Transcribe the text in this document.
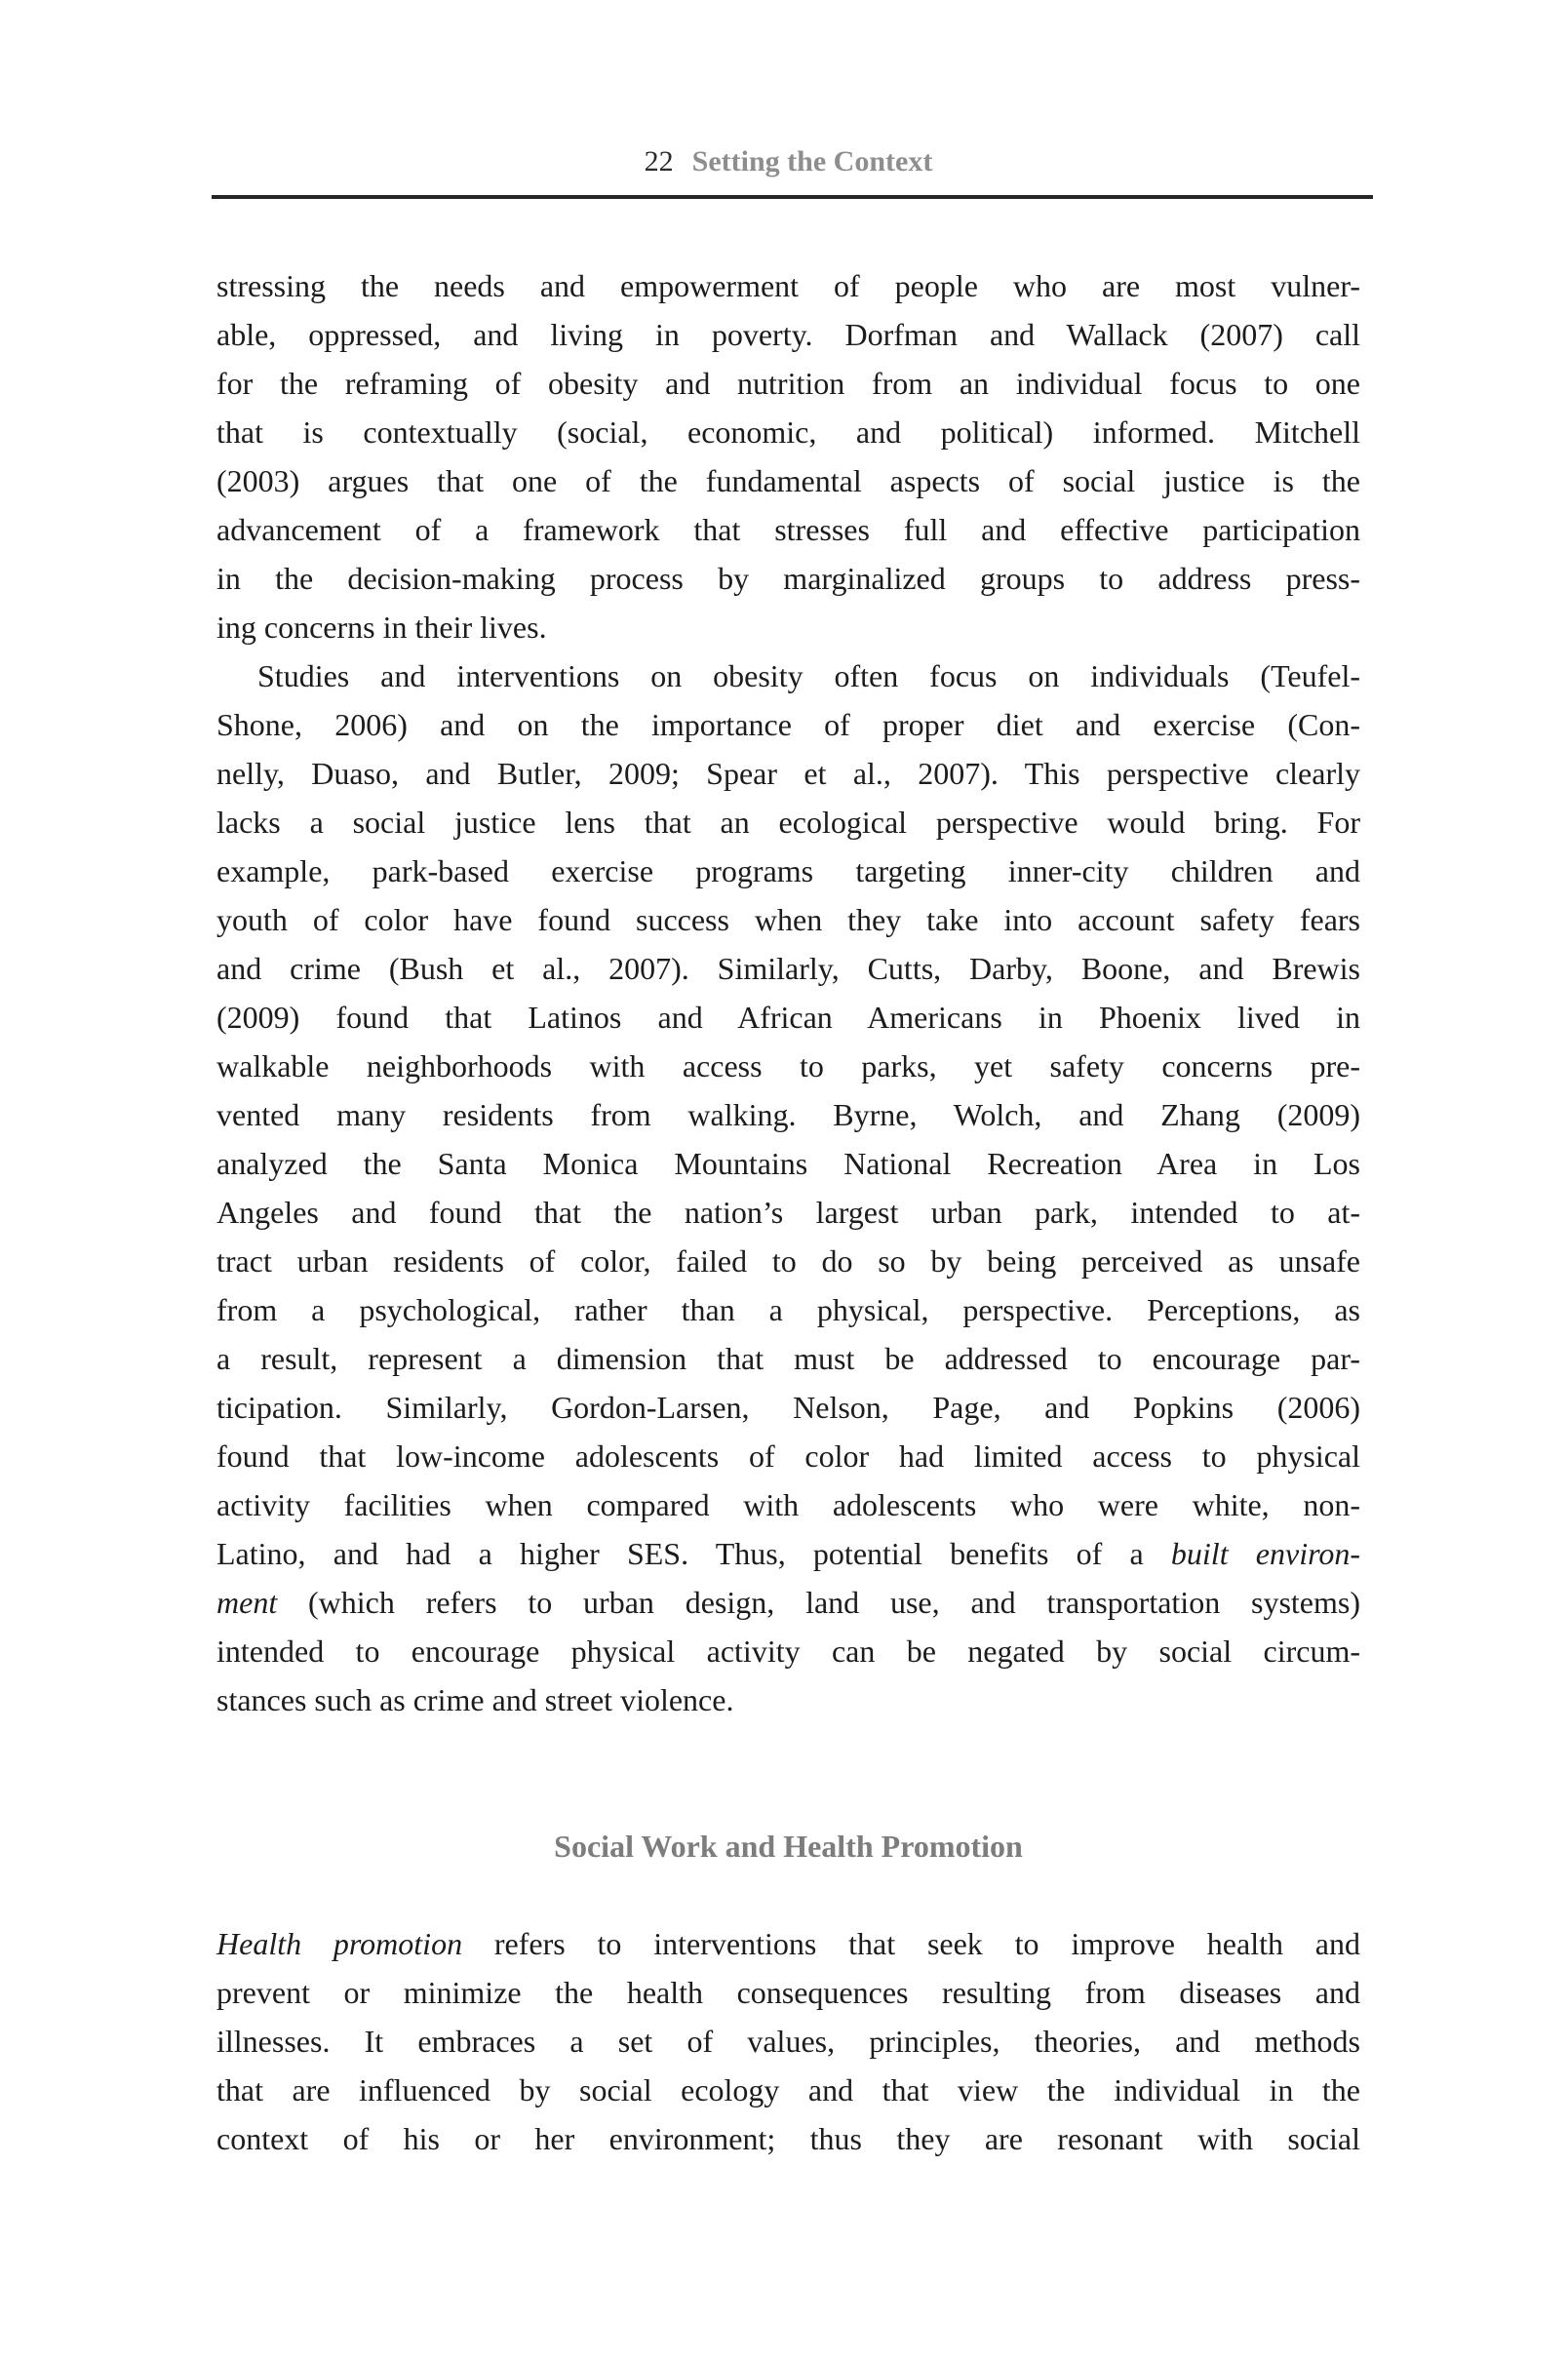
22 Setting the Context
stressing the needs and empowerment of people who are most vulner-
able, oppressed, and living in poverty. Dorfman and Wallack (2007) call
for the reframing of obesity and nutrition from an individual focus to one
that is contextually (social, economic, and political) informed. Mitchell
(2003) argues that one of the fundamental aspects of social justice is the
advancement of a framework that stresses full and effective participation
in the decision-making process by marginalized groups to address press-
ing concerns in their lives.
Studies and interventions on obesity often focus on individuals (Teufel-
Shone, 2006) and on the importance of proper diet and exercise (Con-
nelly, Duaso, and Butler, 2009; Spear et al., 2007). This perspective clearly
lacks a social justice lens that an ecological perspective would bring. For
example, park-based exercise programs targeting inner-city children and
youth of color have found success when they take into account safety fears
and crime (Bush et al., 2007). Similarly, Cutts, Darby, Boone, and Brewis
(2009) found that Latinos and African Americans in Phoenix lived in
walkable neighborhoods with access to parks, yet safety concerns pre-
vented many residents from walking. Byrne, Wolch, and Zhang (2009)
analyzed the Santa Monica Mountains National Recreation Area in Los
Angeles and found that the nation’s largest urban park, intended to at-
tract urban residents of color, failed to do so by being perceived as unsafe
from a psychological, rather than a physical, perspective. Perceptions, as
a result, represent a dimension that must be addressed to encourage par-
ticipation. Similarly, Gordon-Larsen, Nelson, Page, and Popkins (2006)
found that low-income adolescents of color had limited access to physical
activity facilities when compared with adolescents who were white, non-
Latino, and had a higher SES. Thus, potential benefits of a built environ-
ment (which refers to urban design, land use, and transportation systems)
intended to encourage physical activity can be negated by social circum-
stances such as crime and street violence.
Social Work and Health Promotion
Health promotion refers to interventions that seek to improve health and
prevent or minimize the health consequences resulting from diseases and
illnesses. It embraces a set of values, principles, theories, and methods
that are influenced by social ecology and that view the individual in the
context of his or her environment; thus they are resonant with social
